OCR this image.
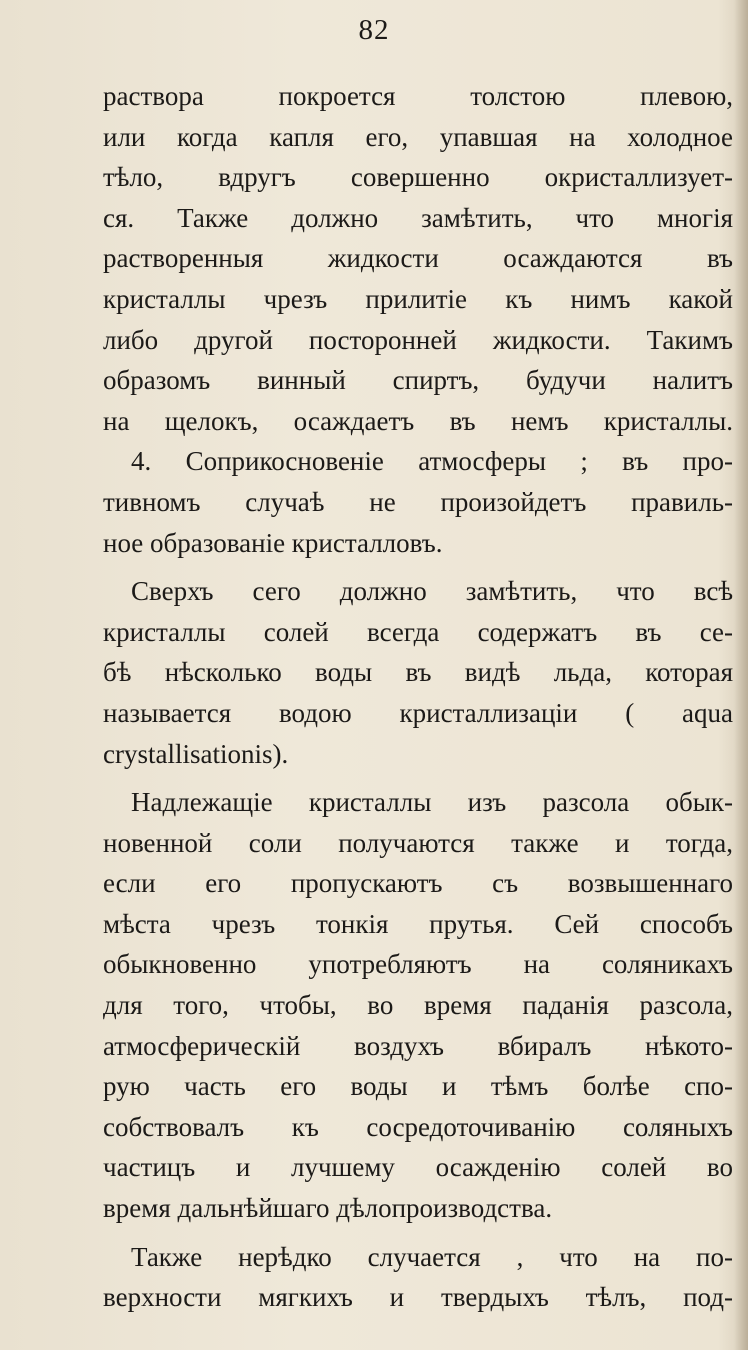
82
раствора покроется толстою плевою,
или когда капля его, упавшая на холодное
тѣло, вдругъ совершенно окристаллизует-
ся. Также должно замѣтить, что многія
растворенныя жидкости осаждаются въ
кристаллы чрезъ прилитіе къ нимъ какой
либо другой посторонней жидкости. Такимъ
образомъ винный спиртъ, будучи налитъ
на щелокъ, осаждаетъ въ немъ кристаллы.
4. Соприкосновеніе атмосферы ; въ про-
тивномъ случаѣ не произойдетъ правиль-
ное образованіе кристалловъ.
Сверхъ сего должно замѣтить, что всѣ
кристаллы солей всегда содержатъ въ се-
бѣ нѣсколько воды въ видѣ льда, которая
называется водою кристаллизаціи ( aqua
crystallisationis).
Надлежащіе кристаллы изъ разсола обык-
новенной соли получаются также и тогда,
если его пропускаютъ съ возвышеннаго
мѣста чрезъ тонкія прутья. Сей способъ
обыкновенно употребляютъ на соляникахъ
для того, чтобы, во время паданія разсола,
атмосферическій воздухъ вбиралъ нѣкото-
рую часть его воды и тѣмъ болѣе спо-
собствовалъ къ сосредоточиванію соляныхъ
частицъ и лучшему осажденію солей во
время дальнѣйшаго дѣлопроизводства.
Также нерѣдко случается , что на по-
верхности мягкихъ и твердыхъ тѣлъ, под-
